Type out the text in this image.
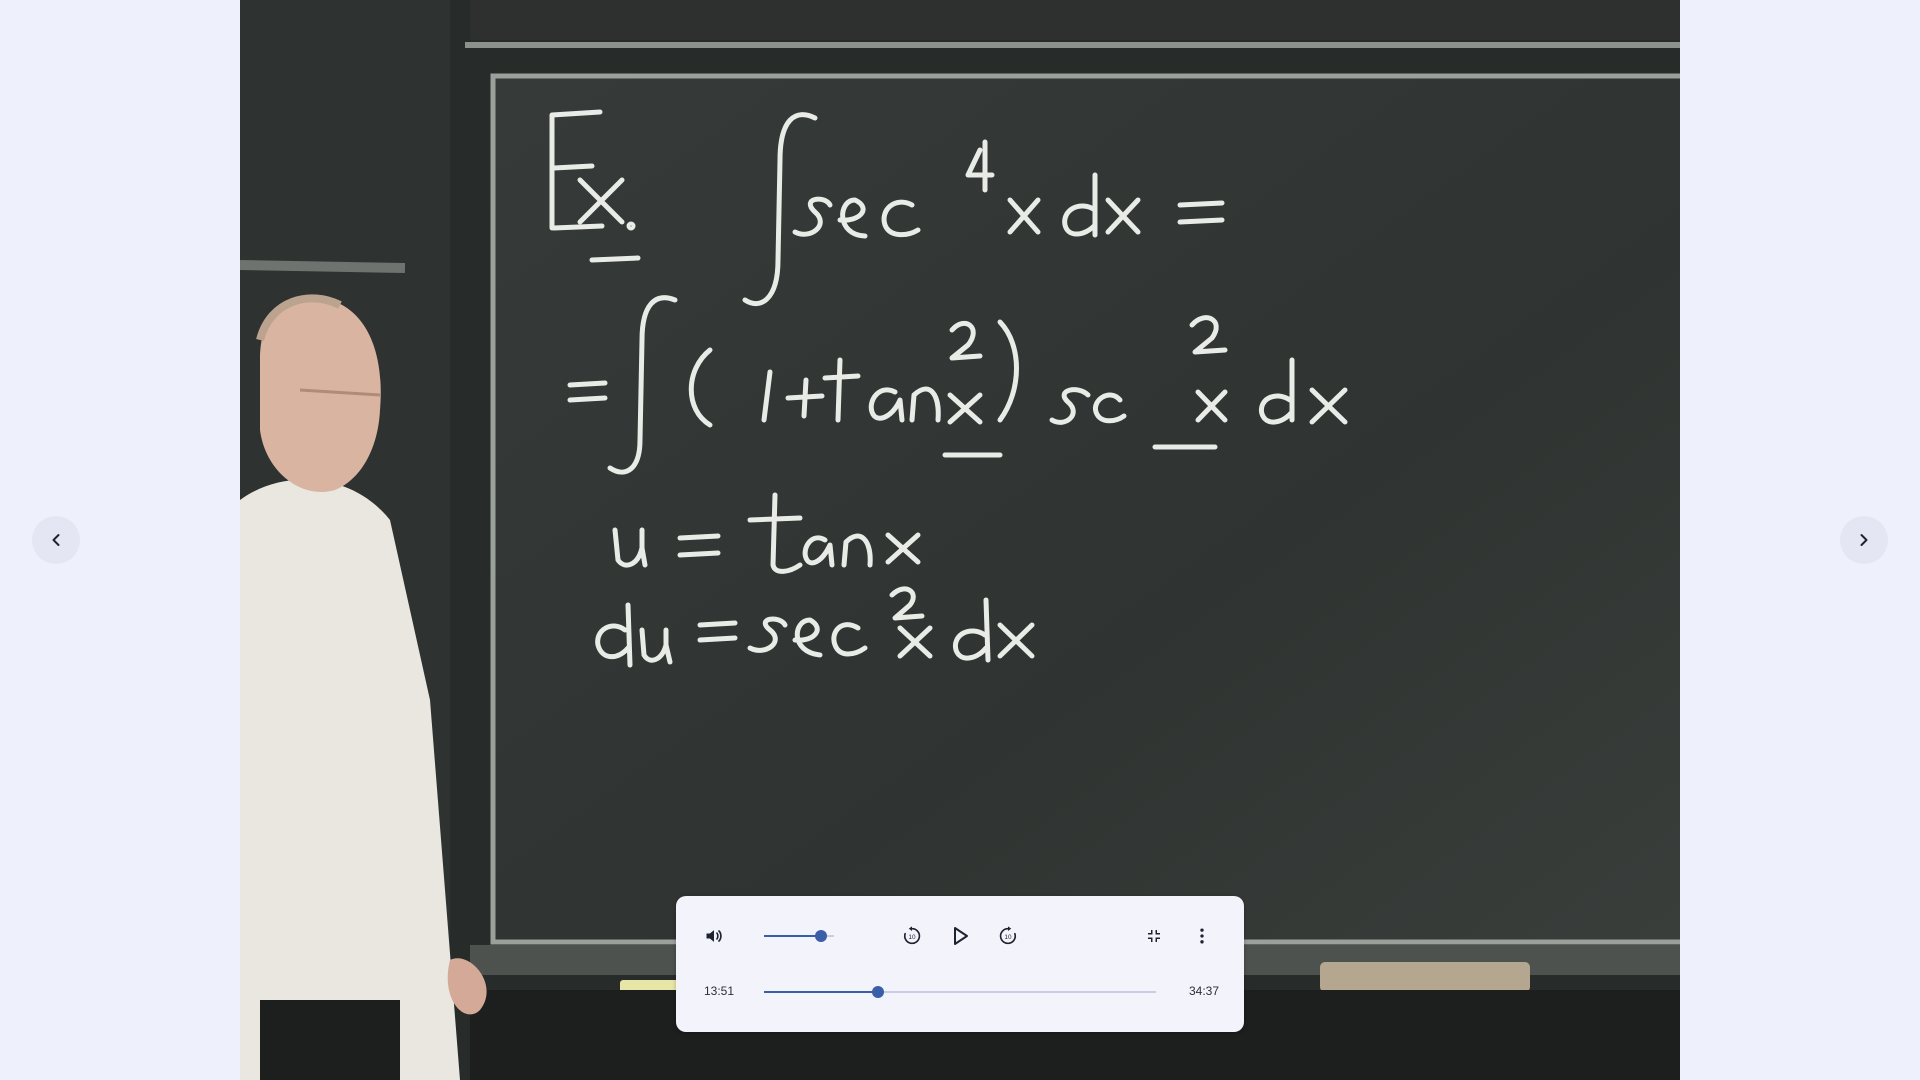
10	10
13:51	34:37
